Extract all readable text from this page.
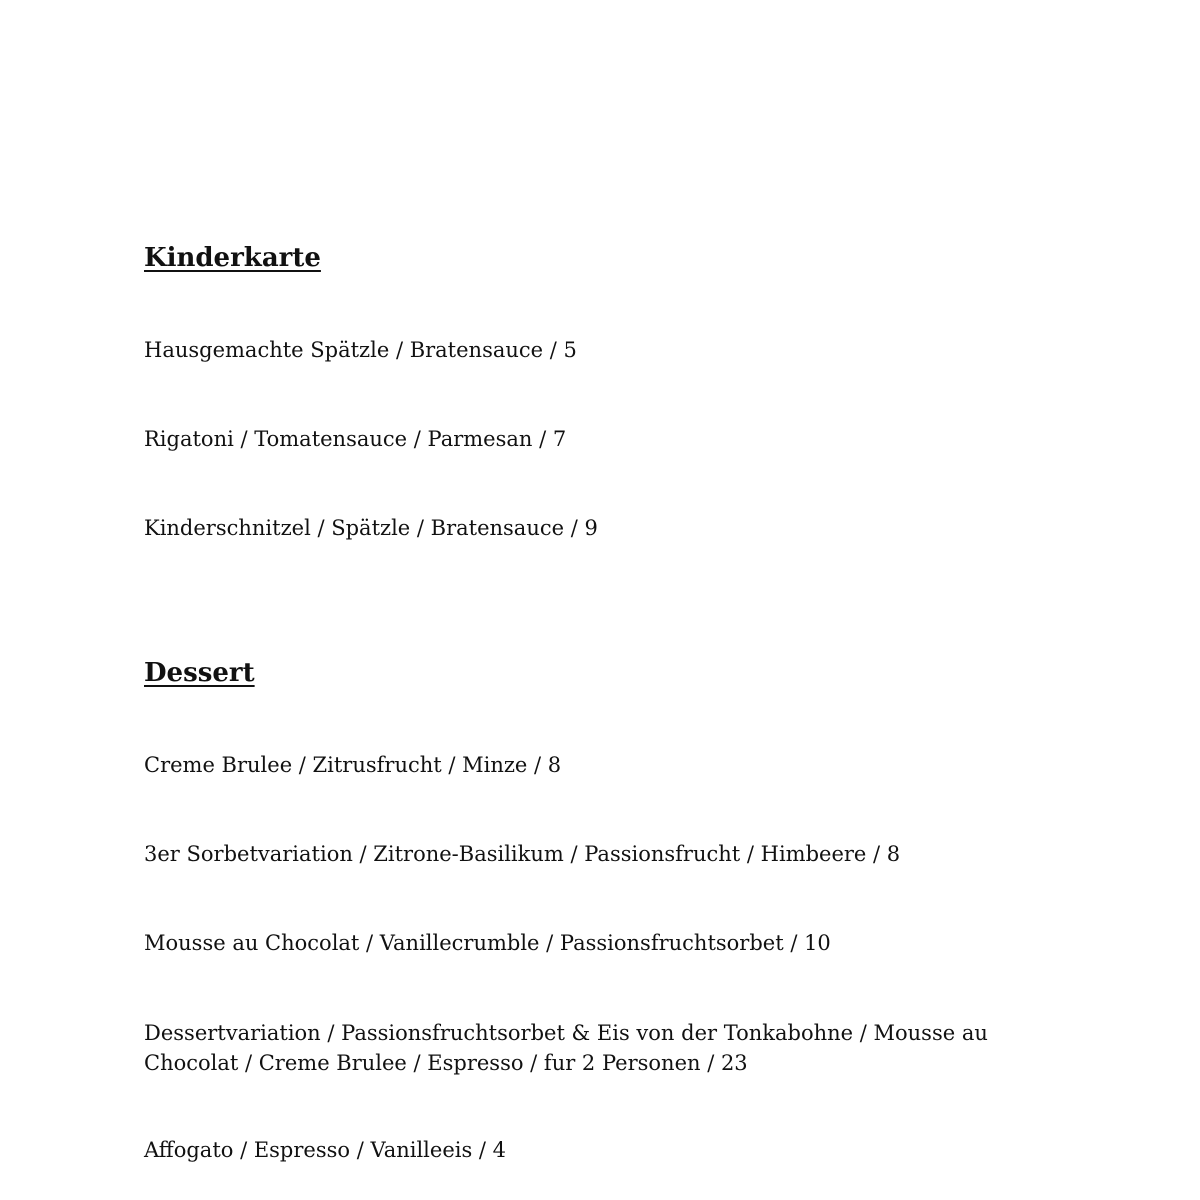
Kinderkarte

Hausgemachte Spätzle / Bratensauce / 5

Rigatoni / Tomatensauce / Parmesan / 7

Kinderschnitzel / Spätzle / Bratensauce / 9

Dessert

Creme Brulee / Zitrusfrucht / Minze / 8

3er Sorbetvariation / Zitrone-Basilikum / Passionsfrucht / Himbeere / 8

Mousse au Chocolat / Vanillecrumble / Passionsfruchtsorbet / 10

Dessertvariation / Passionsfruchtsorbet & Eis von der Tonkabohne / Mousse au Chocolat / Creme Brulee / Espresso / fur 2 Personen / 23

Affogato / Espresso / Vanilleeis / 4
